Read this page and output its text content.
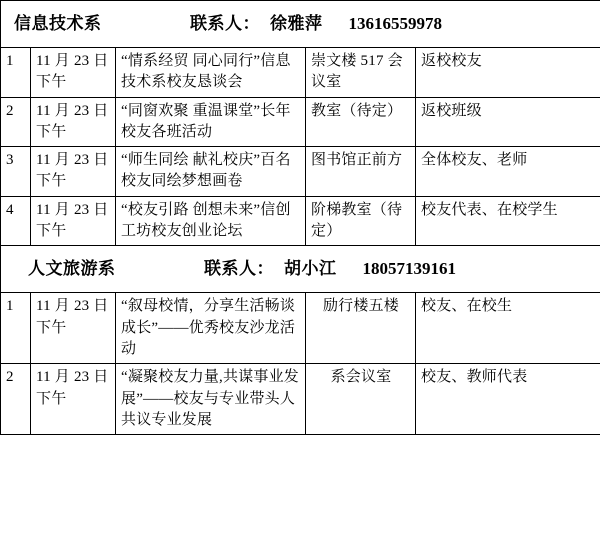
信息技术系 联系人： 徐雅萍 13616559978				

1	11 月 23 日下午	“情系经贸 同心同行”信息技术系校友恳谈会	崇文楼 517 会议室	返校校友
2	11 月 23 日下午	“同窗欢聚 重温课堂”长年校友各班活动	教室（待定）	返校班级
3	11 月 23 日下午	“师生同绘 献礼校庆”百名校友同绘梦想画卷	图书馆正前方	全体校友、老师
4	11 月 23 日下午	“校友引路 创想未来”信创工坊校友创业论坛	阶梯教室（待定）	校友代表、在校学生

人文旅游系 联系人： 胡小江 18057139161				

1	11 月 23 日下午	“叙母校情，分享生活畅谈成长”——优秀校友沙龙活动	励行楼五楼	校友、在校生
2	11 月 23 日下午	“凝聚校友力量,共谋事业发展”——校友与专业带头人共议专业发展	系会议室	校友、教师代表
